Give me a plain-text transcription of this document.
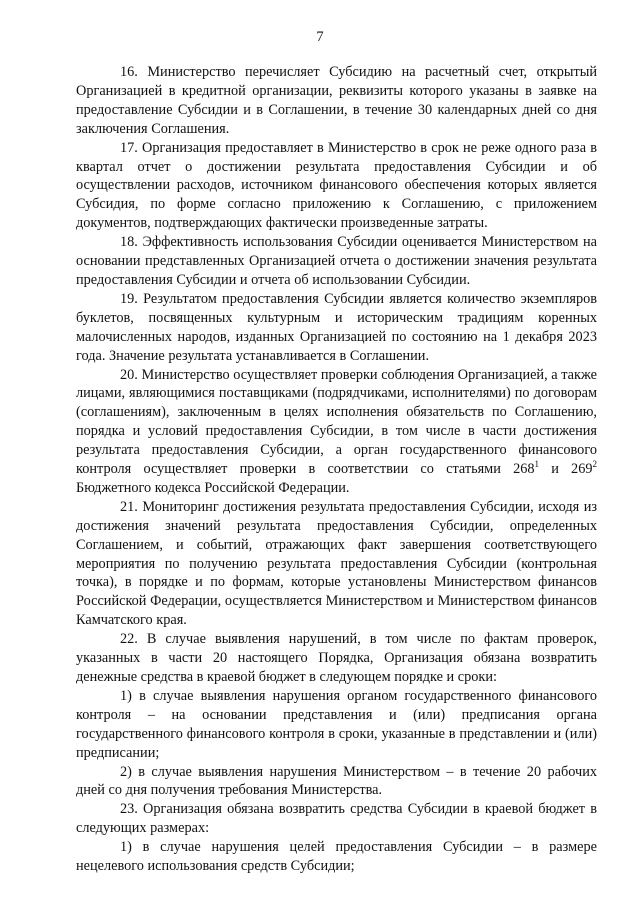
7

16. Министерство перечисляет Субсидию на расчетный счет, открытый Организацией в кредитной организации, реквизиты которого указаны в заявке на предоставление Субсидии и в Соглашении, в течение 30 календарных дней со дня заключения Соглашения.

17. Организация предоставляет в Министерство в срок не реже одного раза в квартал отчет о достижении результата предоставления Субсидии и об осуществлении расходов, источником финансового обеспечения которых является Субсидия, по форме согласно приложению к Соглашению, с приложением документов, подтверждающих фактически произведенные затраты.

18. Эффективность использования Субсидии оценивается Министерством на основании представленных Организацией отчета о достижении значения результата предоставления Субсидии и отчета об использовании Субсидии.

19. Результатом предоставления Субсидии является количество экземпляров буклетов, посвященных культурным и историческим традициям коренных малочисленных народов, изданных Организацией по состоянию на 1 декабря 2023 года. Значение результата устанавливается в Соглашении.

20. Министерство осуществляет проверки соблюдения Организацией, а также лицами, являющимися поставщиками (подрядчиками, исполнителями) по договорам (соглашениям), заключенным в целях исполнения обязательств по Соглашению, порядка и условий предоставления Субсидии, в том числе в части достижения результата предоставления Субсидии, а орган государственного финансового контроля осуществляет проверки в соответствии со статьями $268^1$ и $269^2$ Бюджетного кодекса Российской Федерации.

21. Мониторинг достижения результата предоставления Субсидии, исходя из достижения значений результата предоставления Субсидии, определенных Соглашением, и событий, отражающих факт завершения соответствующего мероприятия по получению результата предоставления Субсидии (контрольная точка), в порядке и по формам, которые установлены Министерством финансов Российской Федерации, осуществляется Министерством и Министерством финансов Камчатского края.

22. В случае выявления нарушений, в том числе по фактам проверок, указанных в части 20 настоящего Порядка, Организация обязана возвратить денежные средства в краевой бюджет в следующем порядке и сроки:

1) в случае выявления нарушения органом государственного финансового контроля – на основании представления и (или) предписания органа государственного финансового контроля в сроки, указанные в представлении и (или) предписании;

2) в случае выявления нарушения Министерством – в течение 20 рабочих дней со дня получения требования Министерства.

23. Организация обязана возвратить средства Субсидии в краевой бюджет в следующих размерах:

1) в случае нарушения целей предоставления Субсидии – в размере нецелевого использования средств Субсидии;
